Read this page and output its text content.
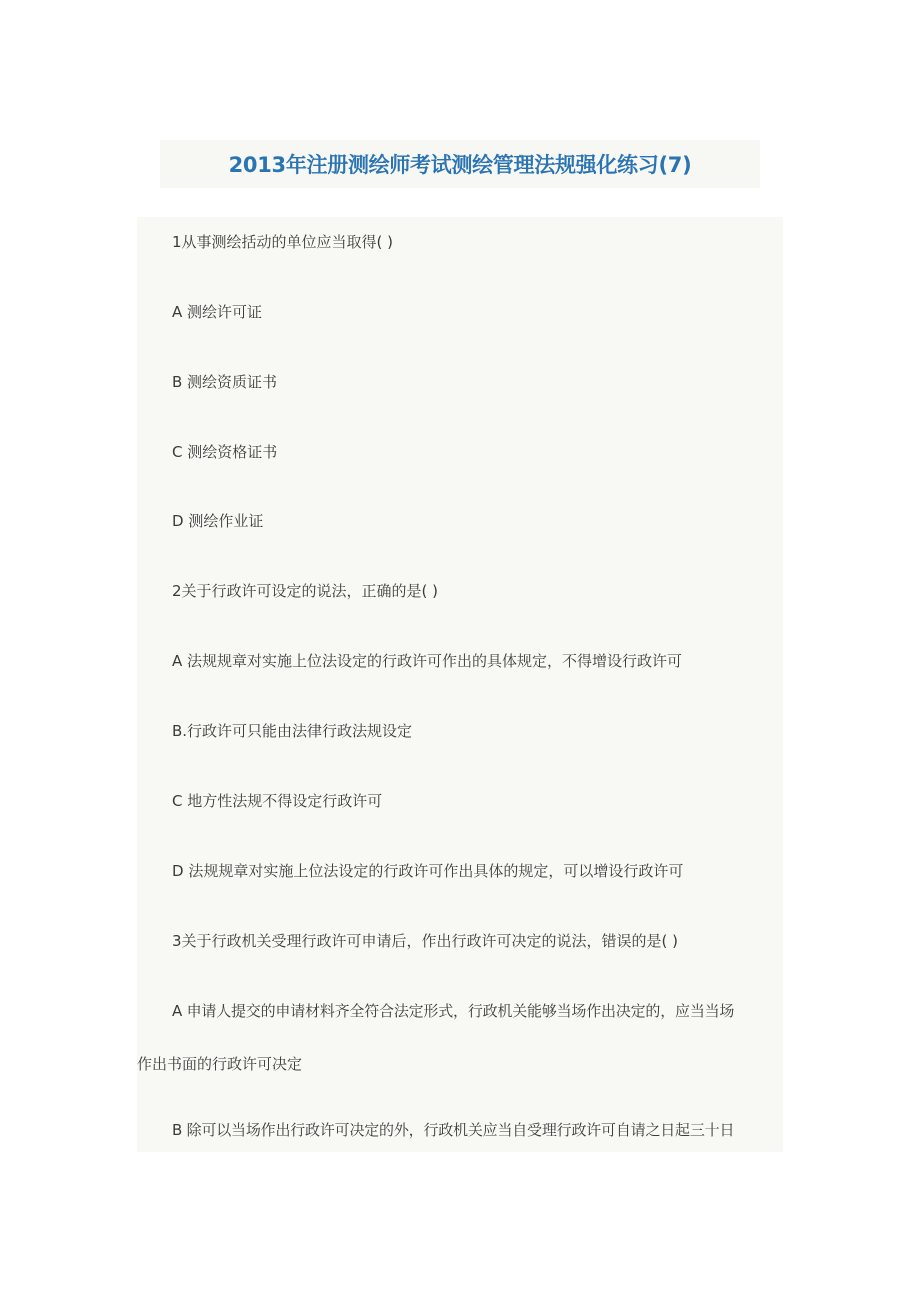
2013年注册测绘师考试测绘管理法规强化练习(7)
1从事测绘括动的单位应当取得( )
A 测绘许可证
B 测绘资质证书
C 测绘资格证书
D 测绘作业证
2关于行政许可设定的说法，正确的是( )
A 法规规章对实施上位法设定的行政许可作出的具体规定，不得增设行政许可
B.行政许可只能由法律行政法规设定
C 地方性法规不得设定行政许可
D 法规规章对实施上位法设定的行政许可作出具体的规定，可以增设行政许可
3关于行政机关受理行政许可申请后，作出行政许可决定的说法，错误的是( )
A 申请人提交的申请材料齐全符合法定形式，行政机关能够当场作出决定的，应当当场
作出书面的行政许可决定
B 除可以当场作出行政许可决定的外，行政机关应当自受理行政许可自请之日起三十日
